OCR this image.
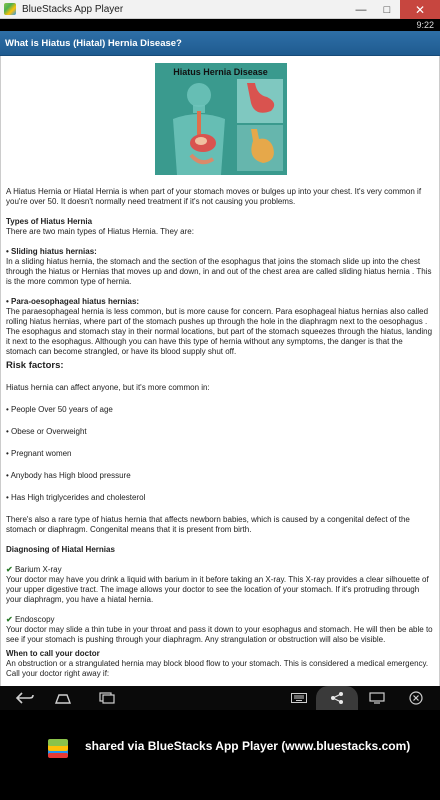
BlueStacks App Player	—	□	✕
9:22
What is Hiatus (Hiatal) Hernia Disease?
Hiatus Hernia Disease
A Hiatus Hernia or Hiatal Hernia is when part of your stomach moves or bulges up into your chest. It's very common if you're over 50. It doesn't normally need treatment if it's not causing you problems.
Types of Hiatus Hernia
There are two main types of Hiatus Hernia. They are:
• Sliding hiatus hernias:
In a sliding hiatus hernia, the stomach and the section of the esophagus that joins the stomach slide up into the chest through the hiatus or Hernias that moves up and down, in and out of the chest area are called sliding hiatus hernia . This is the more common type of hernia.
• Para-oesophageal hiatus hernias:
The paraesophageal hernia is less common, but is more cause for concern. Para esophageal hiatus hernias also called rolling hiatus hernias, where part of the stomach pushes up through the hole in the diaphragm next to the oesophagus . The esophagus and stomach stay in their normal locations, but part of the stomach squeezes through the hiatus, landing it next to the esophagus. Although you can have this type of hernia without any symptoms, the danger is that the stomach can become strangled, or have its blood supply shut off.
Risk factors:
Hiatus hernia can affect anyone, but it's more common in:
• People Over 50 years of age
• Obese or Overweight
• Pregnant women
• Anybody has High blood pressure
• Has High triglycerides and cholesterol
There's also a rare type of hiatus hernia that affects newborn babies, which is caused by a congenital defect of the stomach or diaphragm. Congenital means that it is present from birth.
Diagnosing of Hiatal Hernias
✔ Barium X-ray
Your doctor may have you drink a liquid with barium in it before taking an X-ray. This X-ray provides a clear silhouette of your upper digestive tract. The image allows your doctor to see the location of your stomach. If it's protruding through your diaphragm, you have a hiatal hernia.
✔ Endoscopy
Your doctor may slide a thin tube in your throat and pass it down to your esophagus and stomach. He will then be able to see if your stomach is pushing through your diaphragm. Any strangulation or obstruction will also be visible.
When to call your doctor
An obstruction or a strangulated hernia may block blood flow to your stomach. This is considered a medical emergency. Call your doctor right away if:
shared via BlueStacks App Player (www.bluestacks.com)
